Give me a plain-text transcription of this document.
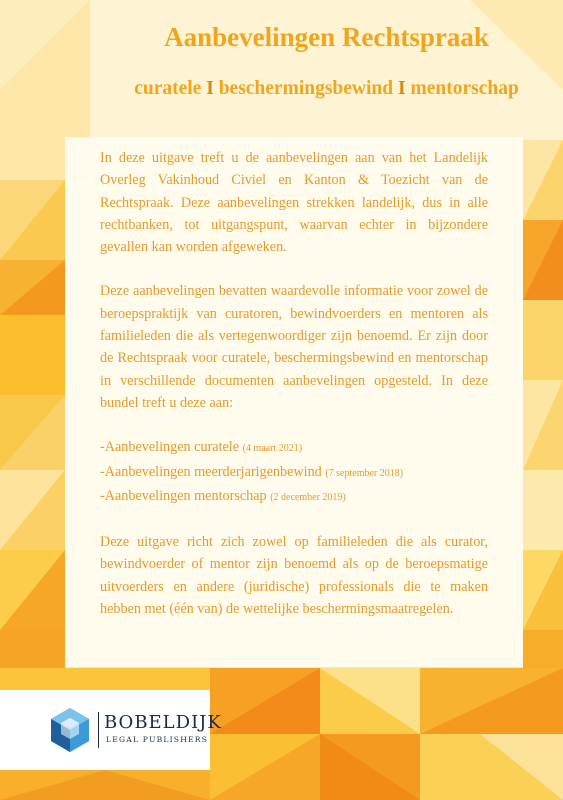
Aanbevelingen Rechtspraak
curatele I beschermingsbewind I mentorschap

In deze uitgave treft u de aanbevelingen aan van het Landelijk Overleg Vakinhoud Civiel en Kanton & Toezicht van de Rechtspraak. Deze aanbevelingen strekken landelijk, dus in alle rechtbanken, tot uitgangspunt, waarvan echter in bijzondere gevallen kan worden afgeweken.

Deze aanbevelingen bevatten waardevolle informatie voor zowel de beroepspraktijk van curatoren, bewindvoerders en mentoren als familieleden die als vertegenwoordiger zijn benoemd. Er zijn door de Rechtspraak voor curatele, beschermingsbewind en mentorschap in verschillende documenten aanbevelingen opgesteld. In deze bundel treft u deze aan:

-Aanbevelingen curatele (4 maart 2021)
-Aanbevelingen meerderjarigenbewind (7 september 2018)
-Aanbevelingen mentorschap (2 december 2019)

Deze uitgave richt zich zowel op familieleden die als curator, bewindvoerder of mentor zijn benoemd als op de beroepsmatige uitvoerders en andere (juridische) professionals die te maken hebben met (één van) de wettelijke beschermingsmaatregelen.

BOBELDIJK
LEGAL PUBLISHERS
